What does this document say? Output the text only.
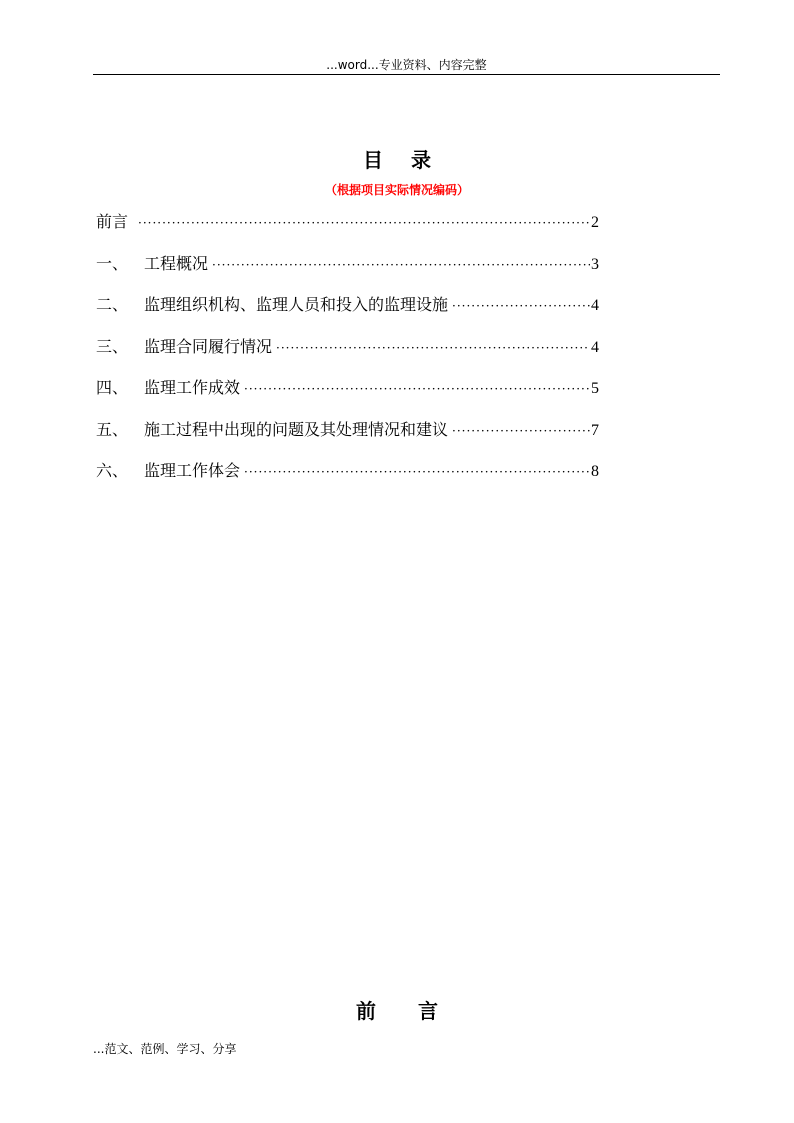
...word...专业资料、内容完整
目录
（根据项目实际情况编码）
前言 ·····	2
一、 工程概况 ·····	3
二、 监理组织机构、监理人员和投入的监理设施 ·····	4
三、 监理合同履行情况 ·····	4
四、 监理工作成效 ·····	5
五、 施工过程中出现的问题及其处理情况和建议 ·····	7
六、 监理工作体会 ·····	8
前言
...范文、范例、学习、分享
